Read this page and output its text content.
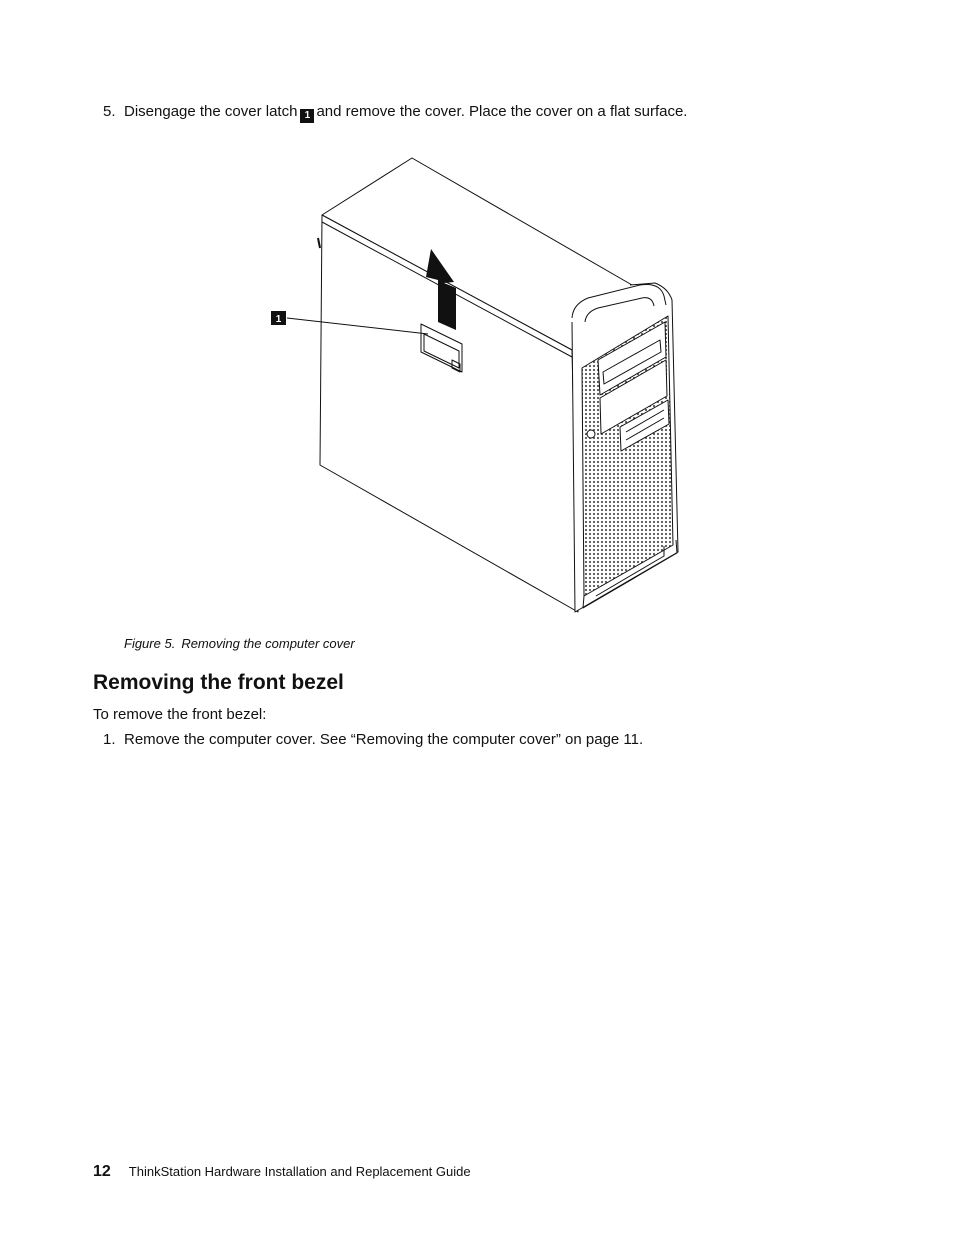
5. Disengage the cover latch 1 and remove the cover. Place the cover on a flat surface.
1
Figure 5. Removing the computer cover
Removing the front bezel
To remove the front bezel:
1. Remove the computer cover. See “Removing the computer cover” on page 11.
12 ThinkStation Hardware Installation and Replacement Guide
